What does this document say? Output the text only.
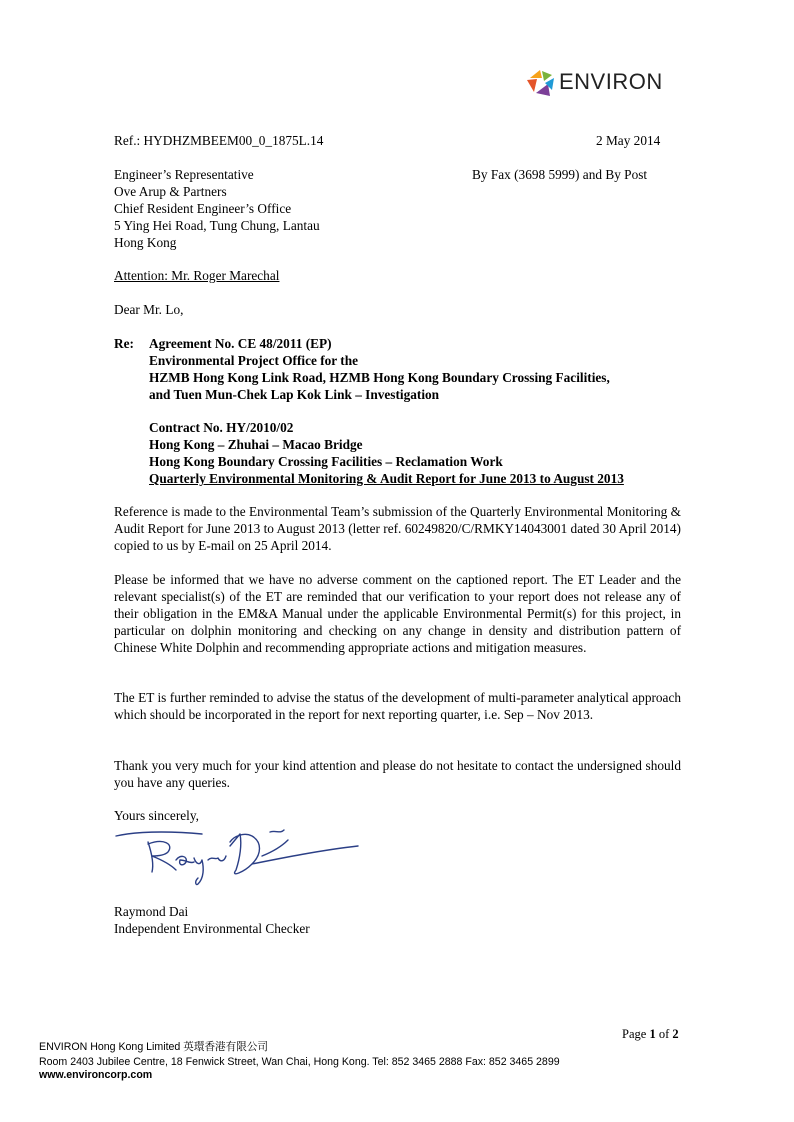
ENVIRON
Ref.: HYDHZMBEEM00_0_1875L.14	2 May 2014
Engineer’s Representative
Ove Arup & Partners
Chief Resident Engineer’s Office
5 Ying Hei Road, Tung Chung, Lantau
Hong Kong
By Fax (3698 5999) and By Post
Attention: Mr. Roger Marechal
Dear Mr. Lo,
Re: Agreement No. CE 48/2011 (EP)
Environmental Project Office for the
HZMB Hong Kong Link Road, HZMB Hong Kong Boundary Crossing Facilities,
and Tuen Mun-Chek Lap Kok Link – Investigation
Contract No. HY/2010/02
Hong Kong – Zhuhai – Macao Bridge
Hong Kong Boundary Crossing Facilities – Reclamation Work
Quarterly Environmental Monitoring & Audit Report for June 2013 to August 2013
Reference is made to the Environmental Team’s submission of the Quarterly Environmental Monitoring & Audit Report for June 2013 to August 2013 (letter ref. 60249820/C/RMKY14043001 dated 30 April 2014) copied to us by E-mail on 25 April 2014.
Please be informed that we have no adverse comment on the captioned report. The ET Leader and the relevant specialist(s) of the ET are reminded that our verification to your report does not release any of their obligation in the EM&A Manual under the applicable Environmental Permit(s) for this project, in particular on dolphin monitoring and checking on any change in density and distribution pattern of Chinese White Dolphin and recommending appropriate actions and mitigation measures.
The ET is further reminded to advise the status of the development of multi-parameter analytical approach which should be incorporated in the report for next reporting quarter, i.e. Sep – Nov 2013.
Thank you very much for your kind attention and please do not hesitate to contact the undersigned should you have any queries.
Yours sincerely,
Raymond Dai
Independent Environmental Checker
Page 1 of 2
ENVIRON Hong Kong Limited 英環香港有限公司
Room 2403 Jubilee Centre, 18 Fenwick Street, Wan Chai, Hong Kong. Tel: 852 3465 2888 Fax: 852 3465 2899
www.environcorp.com
